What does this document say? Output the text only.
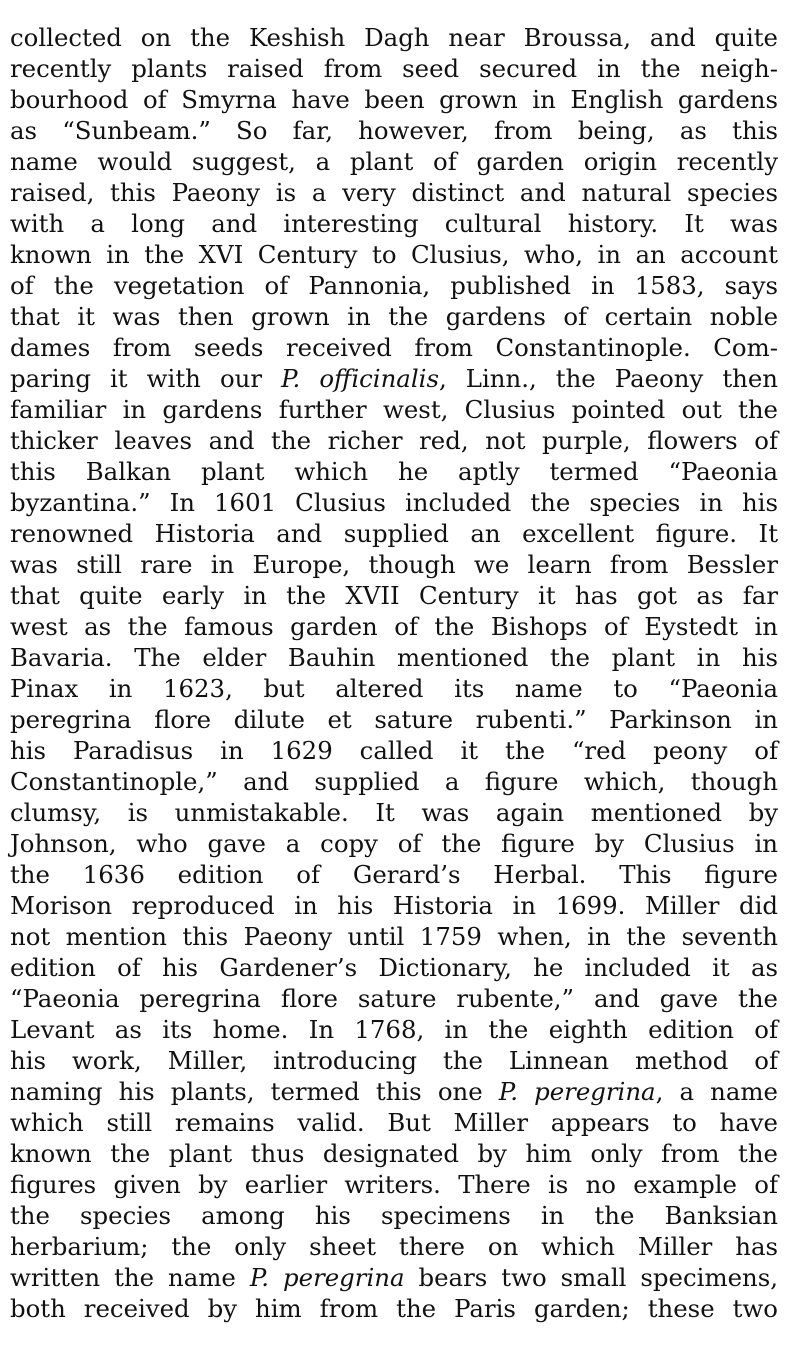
collected on the Keshish Dagh near Broussa, and quite
recently plants raised from seed secured in the neigh-
bourhood of Smyrna have been grown in English gardens
as “Sunbeam.” So far, however, from being, as this
name would suggest, a plant of garden origin recently
raised, this Paeony is a very distinct and natural species
with a long and interesting cultural history. It was
known in the XVI Century to Clusius, who, in an account
of the vegetation of Pannonia, published in 1583, says
that it was then grown in the gardens of certain noble
dames from seeds received from Constantinople. Com-
paring it with our P. officinalis, Linn., the Paeony then
familiar in gardens further west, Clusius pointed out the
thicker leaves and the richer red, not purple, flowers of
this Balkan plant which he aptly termed “Paeonia
byzantina.” In 1601 Clusius included the species in his
renowned Historia and supplied an excellent figure. It
was still rare in Europe, though we learn from Bessler
that quite early in the XVII Century it has got as far
west as the famous garden of the Bishops of Eystedt in
Bavaria. The elder Bauhin mentioned the plant in his
Pinax in 1623, but altered its name to “Paeonia
peregrina flore dilute et sature rubenti.” Parkinson in
his Paradisus in 1629 called it the “red peony of
Constantinople,” and supplied a figure which, though
clumsy, is unmistakable. It was again mentioned by
Johnson, who gave a copy of the figure by Clusius in
the 1636 edition of Gerard’s Herbal. This figure
Morison reproduced in his Historia in 1699. Miller did
not mention this Paeony until 1759 when, in the seventh
edition of his Gardener’s Dictionary, he included it as
“Paeonia peregrina flore sature rubente,” and gave the
Levant as its home. In 1768, in the eighth edition of
his work, Miller, introducing the Linnean method of
naming his plants, termed this one P. peregrina, a name
which still remains valid. But Miller appears to have
known the plant thus designated by him only from the
figures given by earlier writers. There is no example of
the species among his specimens in the Banksian
herbarium; the only sheet there on which Miller has
written the name P. peregrina bears two small specimens,
both received by him from the Paris garden; these two
